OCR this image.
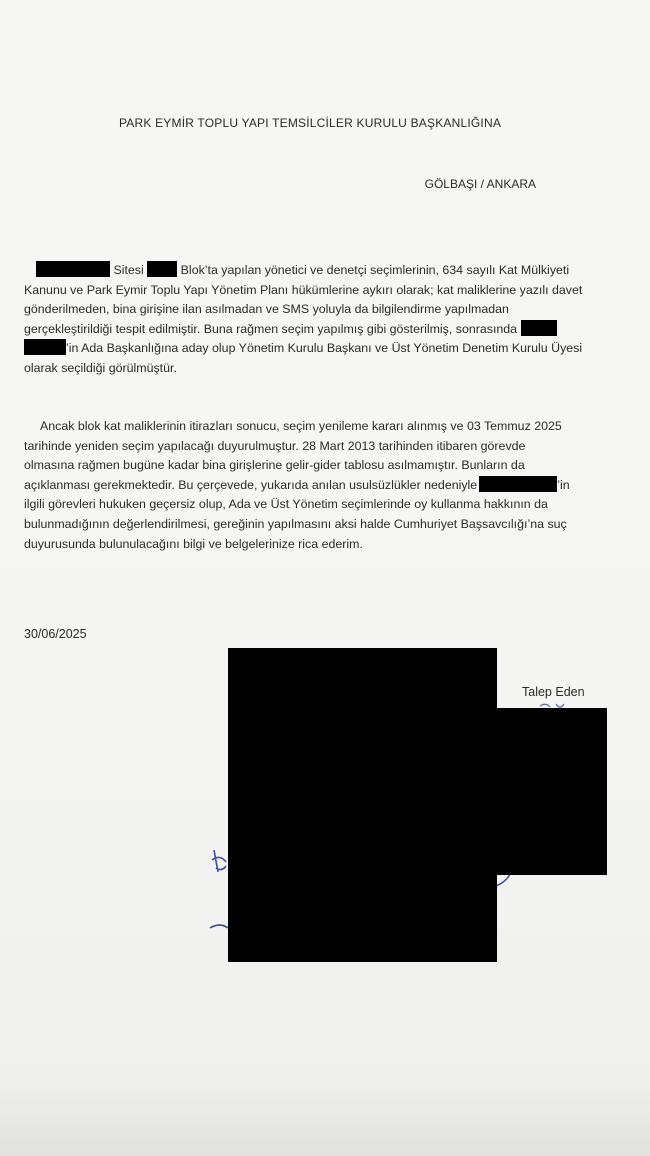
PARK EYMİR TOPLU YAPI TEMSİLCİLER KURULU BAŞKANLIĞINA
GÖLBAŞI / ANKARA
Sitesi	Blok’ta yapılan yönetici ve denetçi seçimlerinin, 634 sayılı Kat Mülkiyeti
Kanunu ve Park Eymir Toplu Yapı Yönetim Planı hükümlerine aykırı olarak; kat maliklerine yazılı davet
gönderilmeden, bina girişine ilan asılmadan ve SMS yoluyla da bilgilendirme yapılmadan
gerçekleştirildiği tespit edilmiştir. Buna rağmen seçim yapılmış gibi gösterilmiş, sonrasında
’in Ada Başkanlığına aday olup Yönetim Kurulu Başkanı ve Üst Yönetim Denetim Kurulu Üyesi
olarak seçildiği görülmüştür.
Ancak blok kat maliklerinin itirazları sonucu, seçim yenileme kararı alınmış ve 03 Temmuz 2025
tarihinde yeniden seçim yapılacağı duyurulmuştur. 28 Mart 2013 tarihinden itibaren görevde
olmasına rağmen bugüne kadar bina girişlerine gelir-gider tablosu asılmamıştır. Bunların da
açıklanması gerekmektedir. Bu çerçevede, yukarıda anılan usulsüzlükler nedeniyle	’in
ilgili görevleri hukuken geçersiz olup, Ada ve Üst Yönetim seçimlerinde oy kullanma hakkının da
bulunmadığının değerlendirilmesi, gereğinin yapılmasını aksi halde Cumhuriyet Başsavcılığı’na suç
duyurusunda bulunulacağını bilgi ve belgelerinize rica ederim.
30/06/2025
Talep Eden
